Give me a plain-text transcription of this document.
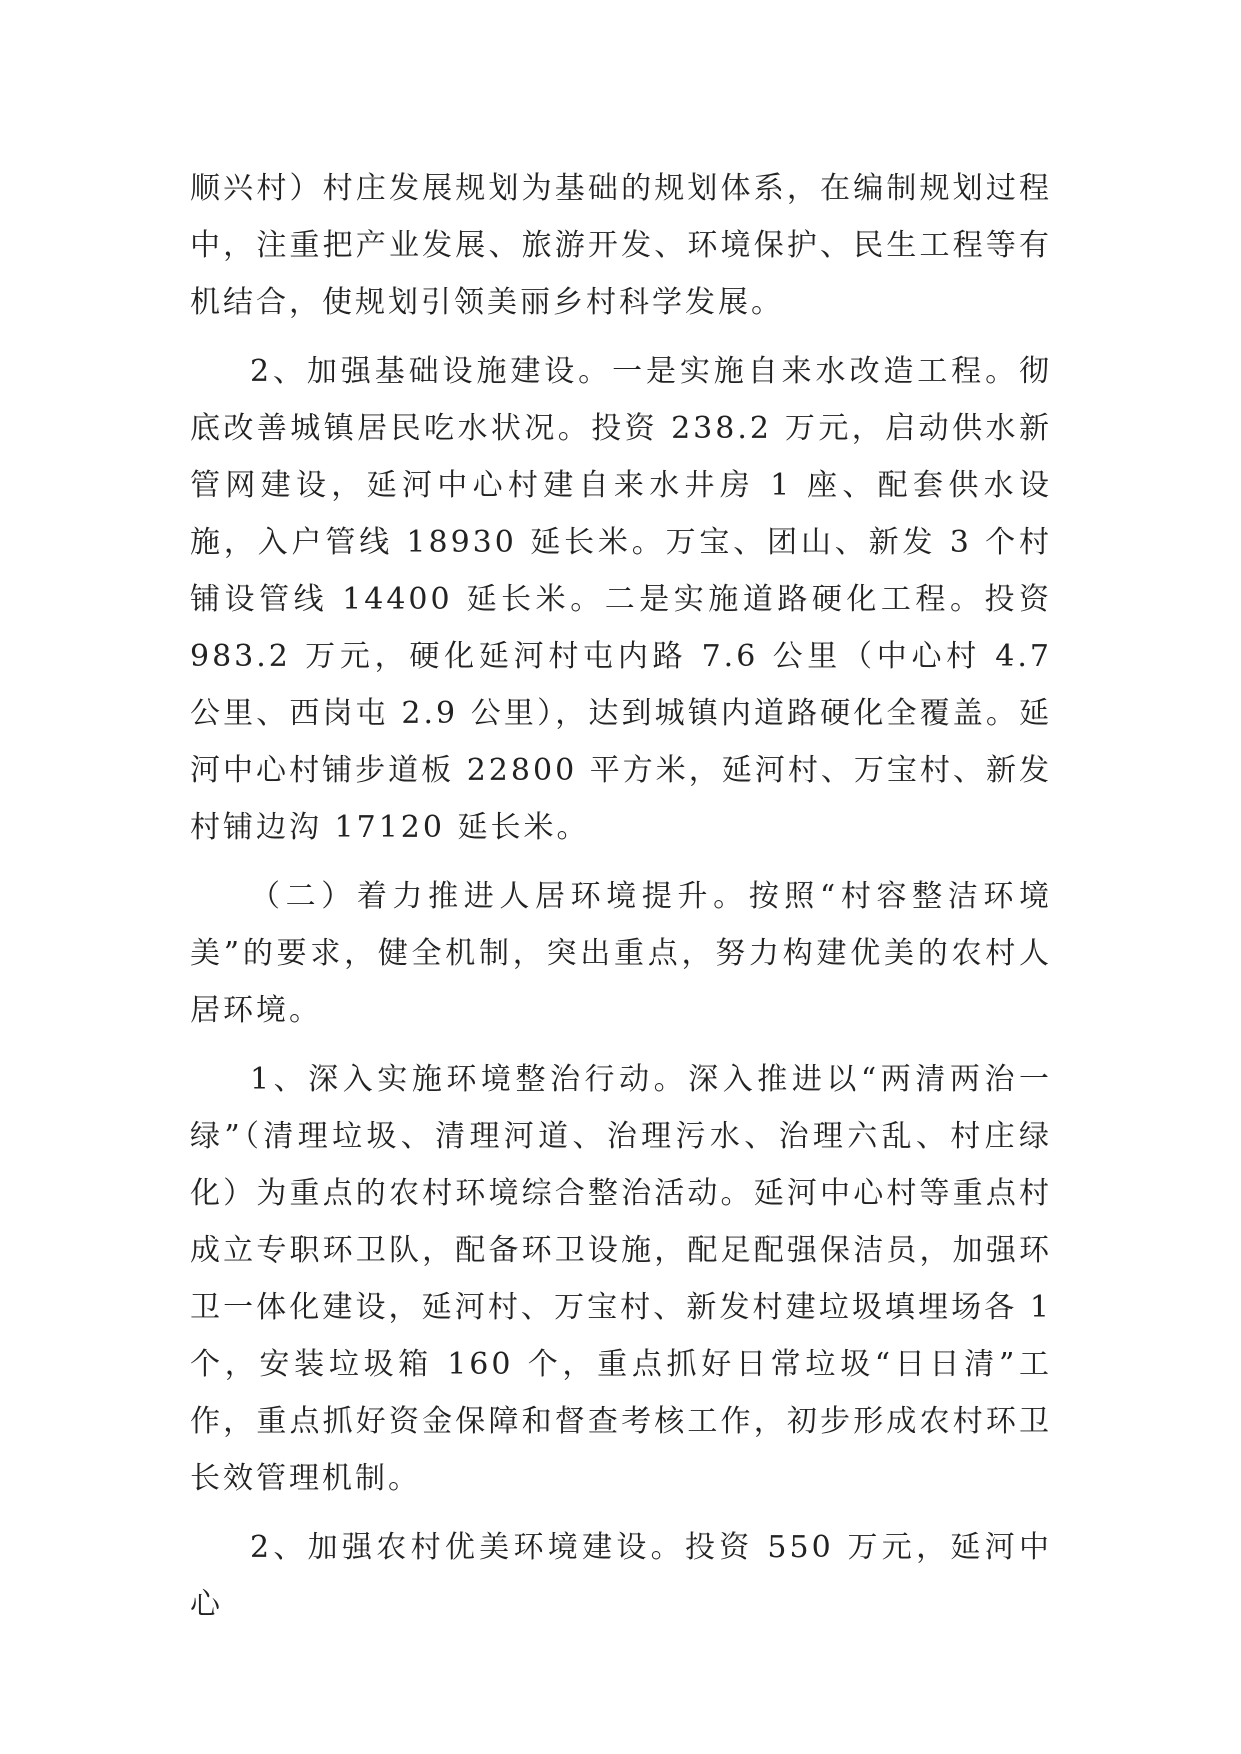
顺兴村）村庄发展规划为基础的规划体系，在编制规划过程中，注重把产业发展、旅游开发、环境保护、民生工程等有机结合，使规划引领美丽乡村科学发展。

2、加强基础设施建设。一是实施自来水改造工程。彻底改善城镇居民吃水状况。投资 238.2 万元，启动供水新管网建设，延河中心村建自来水井房 1 座、配套供水设施，入户管线 18930 延长米。万宝、团山、新发 3 个村铺设管线 14400 延长米。二是实施道路硬化工程。投资 983.2 万元，硬化延河村屯内路 7.6 公里（中心村 4.7 公里、西岗屯 2.9 公里），达到城镇内道路硬化全覆盖。延河中心村铺步道板 22800 平方米，延河村、万宝村、新发村铺边沟 17120 延长米。

（二）着力推进人居环境提升。按照“村容整洁环境美”的要求，健全机制，突出重点，努力构建优美的农村人居环境。

1、深入实施环境整治行动。深入推进以“两清两治一绿”（清理垃圾、清理河道、治理污水、治理六乱、村庄绿化）为重点的农村环境综合整治活动。延河中心村等重点村成立专职环卫队，配备环卫设施，配足配强保洁员，加强环卫一体化建设，延河村、万宝村、新发村建垃圾填埋场各 1 个，安装垃圾箱 160 个，重点抓好日常垃圾“日日清”工作，重点抓好资金保障和督查考核工作，初步形成农村环卫长效管理机制。

2、加强农村优美环境建设。投资 550 万元，延河中心
